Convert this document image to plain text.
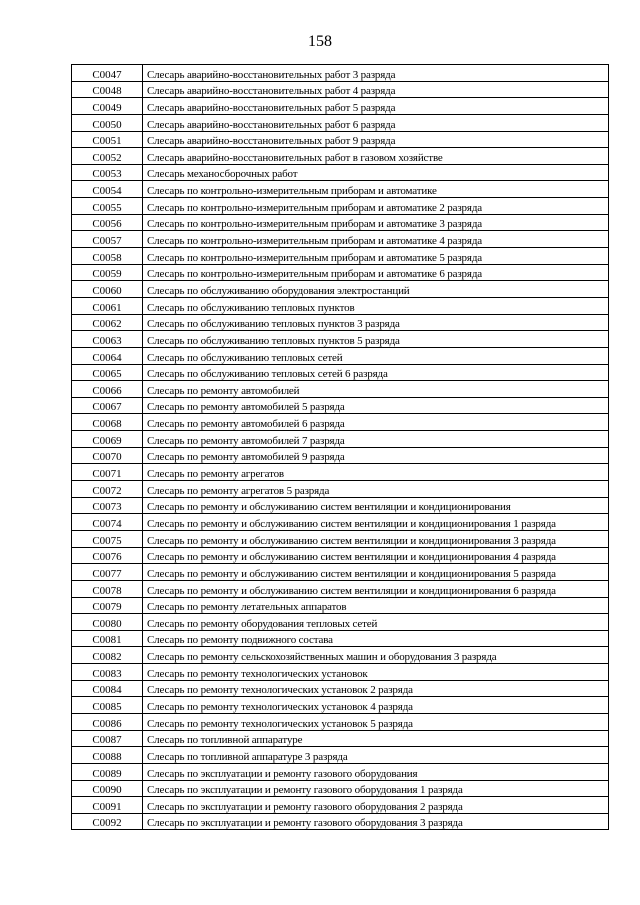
158
С0047	Слесарь аварийно-восстановительных работ 3 разряда
С0048	Слесарь аварийно-восстановительных работ 4 разряда
С0049	Слесарь аварийно-восстановительных работ 5 разряда
С0050	Слесарь аварийно-восстановительных работ 6 разряда
С0051	Слесарь аварийно-восстановительных работ 9 разряда
С0052	Слесарь аварийно-восстановительных работ в газовом хозяйстве
С0053	Слесарь механосборочных работ
С0054	Слесарь по контрольно-измерительным приборам и автоматике
С0055	Слесарь по контрольно-измерительным приборам и автоматике 2 разряда
С0056	Слесарь по контрольно-измерительным приборам и автоматике 3 разряда
С0057	Слесарь по контрольно-измерительным приборам и автоматике 4 разряда
С0058	Слесарь по контрольно-измерительным приборам и автоматике 5 разряда
С0059	Слесарь по контрольно-измерительным приборам и автоматике 6 разряда
С0060	Слесарь по обслуживанию оборудования электростанций
С0061	Слесарь по обслуживанию тепловых пунктов
С0062	Слесарь по обслуживанию тепловых пунктов 3 разряда
С0063	Слесарь по обслуживанию тепловых пунктов 5 разряда
С0064	Слесарь по обслуживанию тепловых сетей
С0065	Слесарь по обслуживанию тепловых сетей 6 разряда
С0066	Слесарь по ремонту автомобилей
С0067	Слесарь по ремонту автомобилей 5 разряда
С0068	Слесарь по ремонту автомобилей 6 разряда
С0069	Слесарь по ремонту автомобилей 7 разряда
С0070	Слесарь по ремонту автомобилей 9 разряда
С0071	Слесарь по ремонту агрегатов
С0072	Слесарь по ремонту агрегатов 5 разряда
С0073	Слесарь по ремонту и обслуживанию систем вентиляции и кондиционирования
С0074	Слесарь по ремонту и обслуживанию систем вентиляции и кондиционирования 1 разряда
С0075	Слесарь по ремонту и обслуживанию систем вентиляции и кондиционирования 3 разряда
С0076	Слесарь по ремонту и обслуживанию систем вентиляции и кондиционирования 4 разряда
С0077	Слесарь по ремонту и обслуживанию систем вентиляции и кондиционирования 5 разряда
С0078	Слесарь по ремонту и обслуживанию систем вентиляции и кондиционирования 6 разряда
С0079	Слесарь по ремонту летательных аппаратов
С0080	Слесарь по ремонту оборудования тепловых сетей
С0081	Слесарь по ремонту подвижного состава
С0082	Слесарь по ремонту сельскохозяйственных машин и оборудования 3 разряда
С0083	Слесарь по ремонту технологических установок
С0084	Слесарь по ремонту технологических установок 2 разряда
С0085	Слесарь по ремонту технологических установок 4 разряда
С0086	Слесарь по ремонту технологических установок 5 разряда
С0087	Слесарь по топливной аппаратуре
С0088	Слесарь по топливной аппаратуре 3 разряда
С0089	Слесарь по эксплуатации и ремонту газового оборудования
С0090	Слесарь по эксплуатации и ремонту газового оборудования 1 разряда
С0091	Слесарь по эксплуатации и ремонту газового оборудования 2 разряда
С0092	Слесарь по эксплуатации и ремонту газового оборудования 3 разряда
